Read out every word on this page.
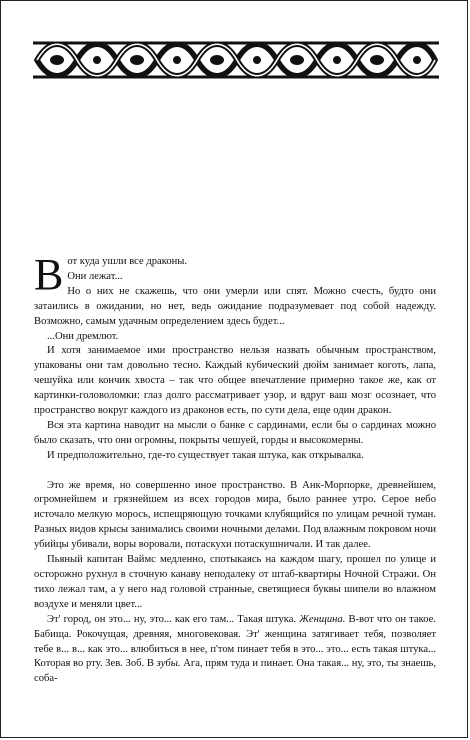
Вот куда ушли все драконы.
Они лежат...

Но о них не скажешь, что они умерли или спят. Можно счесть, будто они затаились в ожидании, но нет, ведь ожидание подразумевает под собой надежду. Возможно, самым удачным определением здесь будет...

...Они дремлют.

И хотя занимаемое ими пространство нельзя назвать обычным пространством, упакованы они там довольно тесно. Каждый кубический дюйм занимает коготь, лапа, чешуйка или кончик хвоста – так что общее впечатление примерно такое же, как от картинки-головоломки: глаз долго рассматривает узор, и вдруг ваш мозг осознает, что пространство вокруг каждого из драконов есть, по сути дела, еще один дракон.

Вся эта картина наводит на мысли о банке с сардинами, если бы о сардинах можно было сказать, что они огромны, покрыты чешуей, горды и высокомерны.

И предположительно, где-то существует такая штука, как открывалка.

Это же время, но совершенно иное пространство. В Анк-Морпорке, древнейшем, огромнейшем и грязнейшем из всех городов мира, было раннее утро. Серое небо источало мелкую морось, испещряющую точками клубящийся по улицам речной туман. Разных видов крысы занимались своими ночными делами. Под влажным покровом ночи убийцы убивали, воры воровали, потаскухи потаскушничали. И так далее.

Пьяный капитан Ваймс медленно, спотыкаясь на каждом шагу, прошел по улице и осторожно рухнул в сточную канаву неподалеку от штаб-квартиры Ночной Стражи. Он тихо лежал там, а у него над головой странные, светящиеся буквы шипели во влажном воздухе и меняли цвет...

Эт' город, он это... ну, это... как его там... Такая штука. Женщина. В-вот что он такое. Бабища. Рокочущая, древняя, многовековая. Эт' женщина затягивает тебя, позволяет тебе в... в... как это... влюбиться в нее, п'том пинает тебя в это... это... есть такая штука... Которая во рту. Зев. Зоб. В зубы. Ага, прям туда и пинает. Она такая... ну, это, ты знаешь, соба-
